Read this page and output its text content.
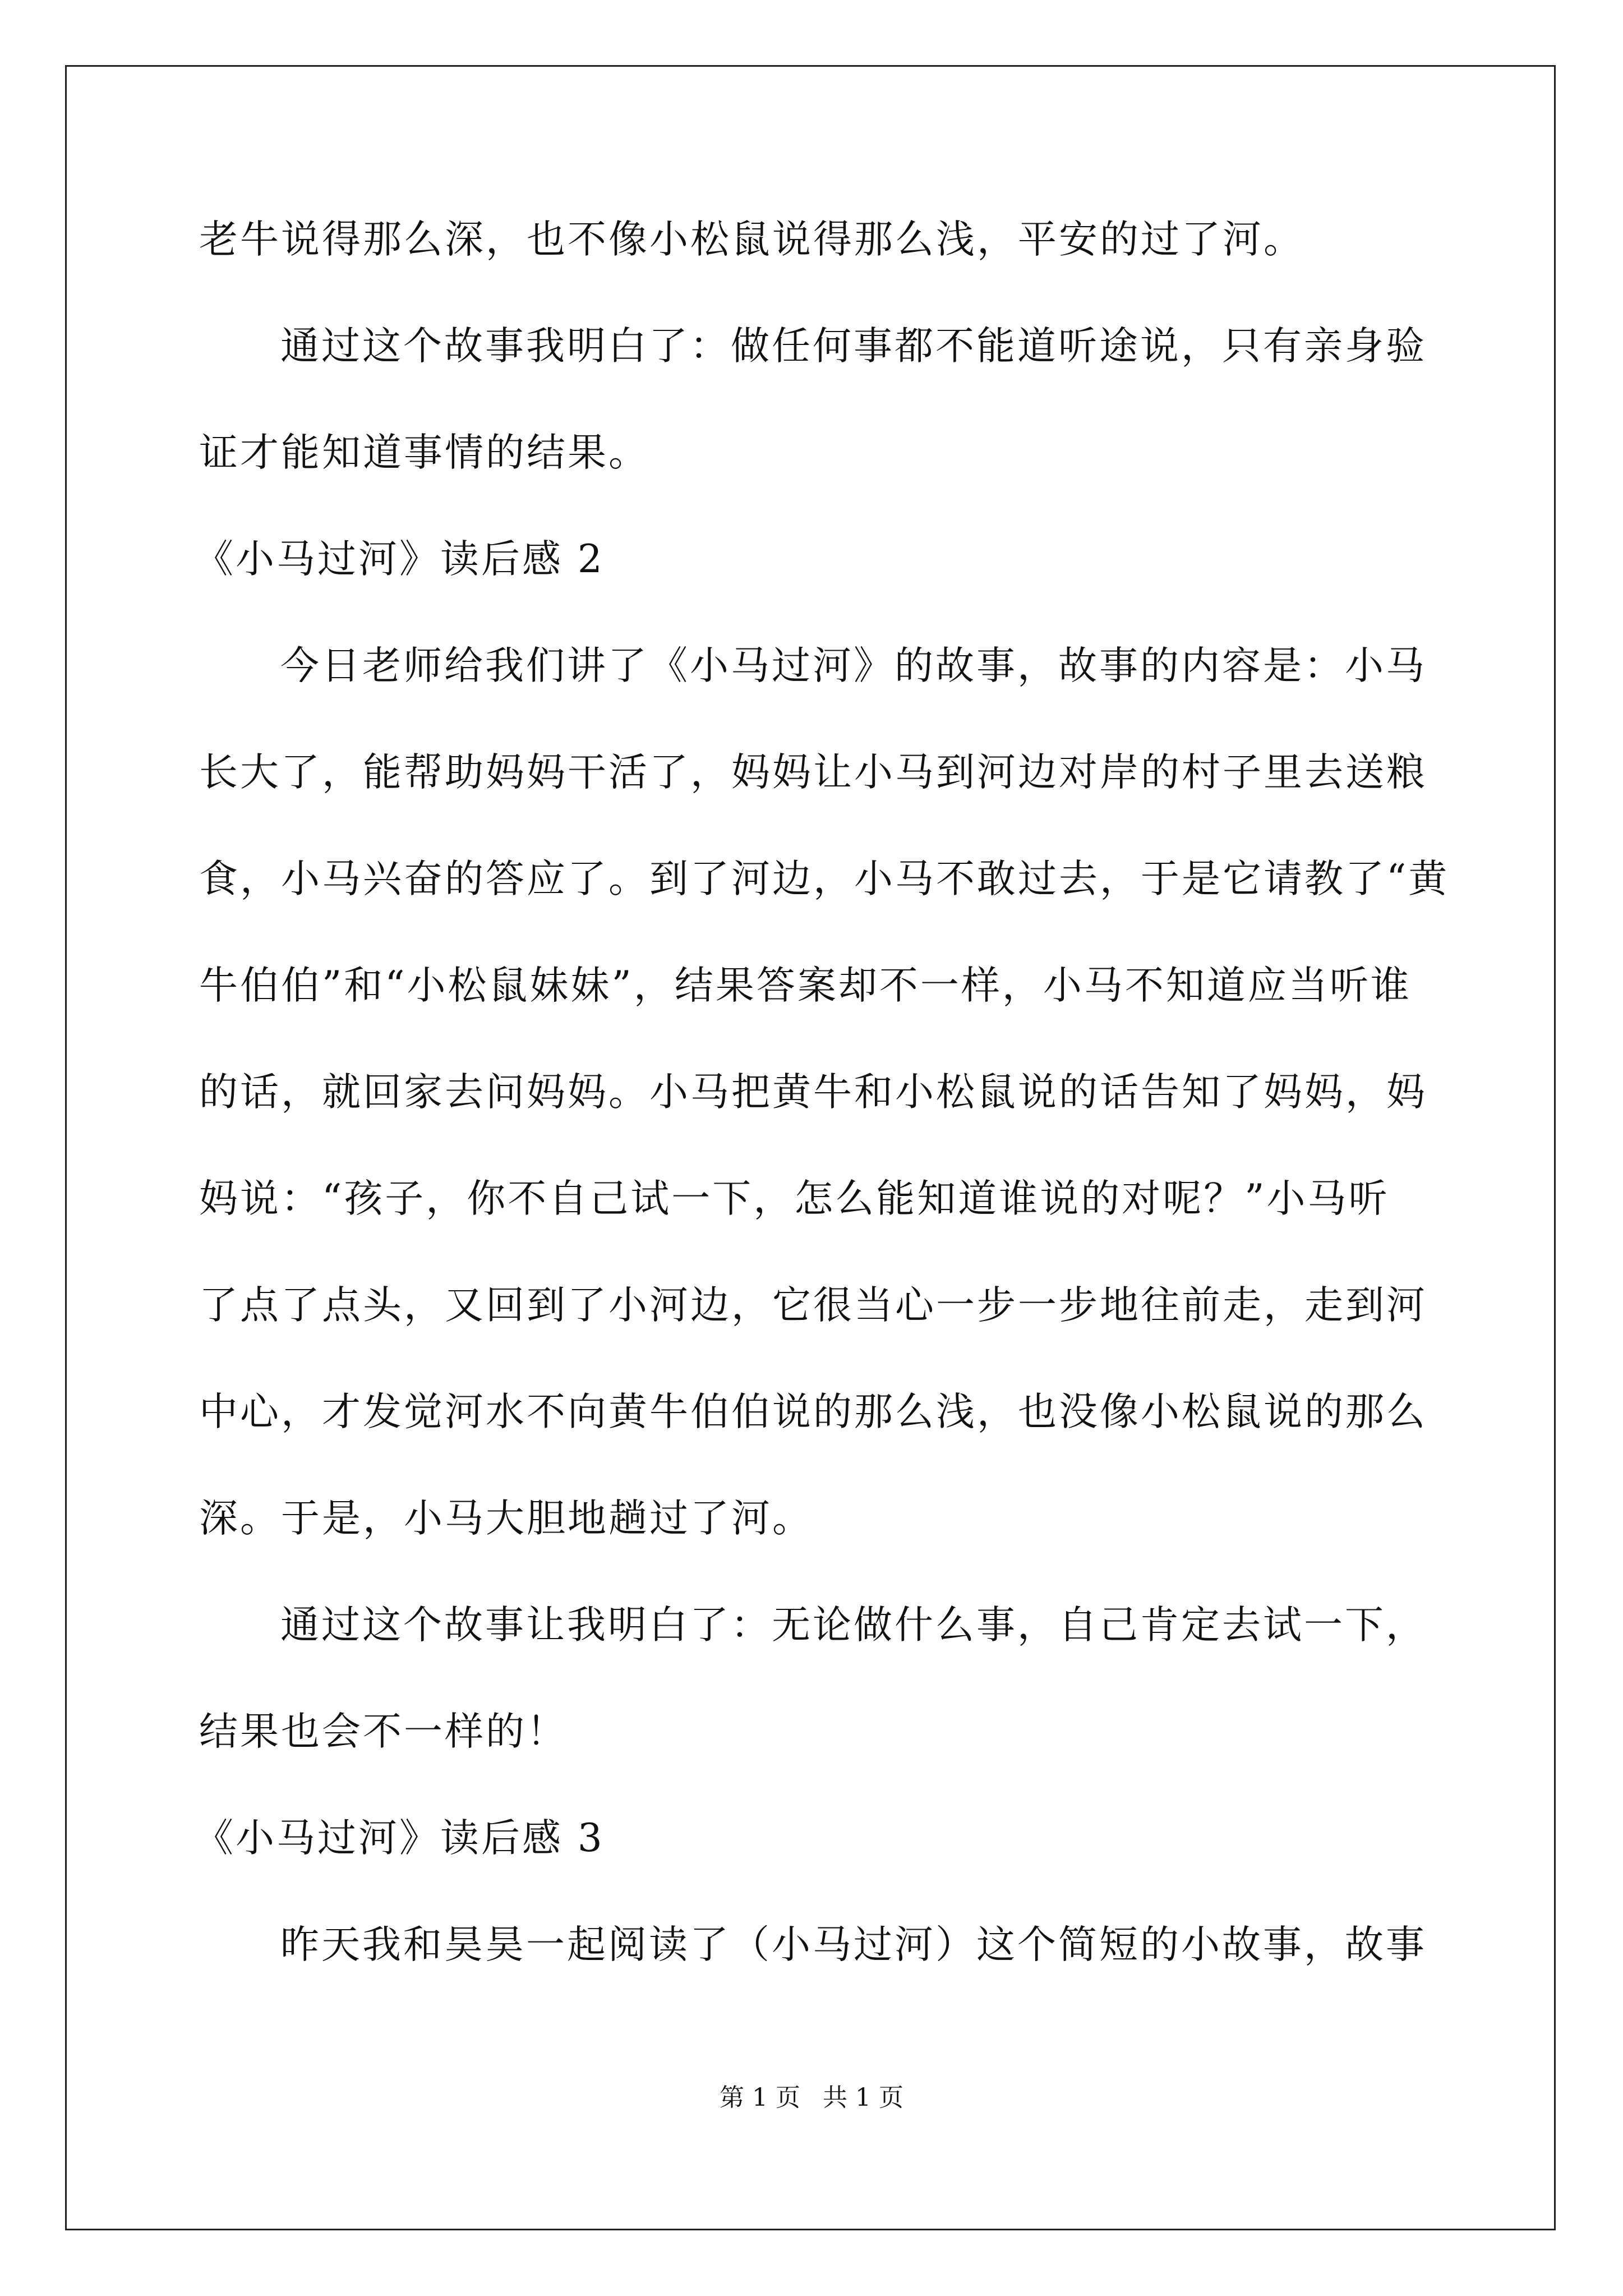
老牛说得那么深，也不像小松鼠说得那么浅，平安的过了河。

通过这个故事我明白了：做任何事都不能道听途说，只有亲身验

证才能知道事情的结果。

《小马过河》读后感 2

今日老师给我们讲了《小马过河》的故事，故事的内容是：小马

长大了，能帮助妈妈干活了，妈妈让小马到河边对岸的村子里去送粮

食，小马兴奋的答应了。到了河边，小马不敢过去，于是它请教了“黄

牛伯伯”和“小松鼠妹妹”，结果答案却不一样，小马不知道应当听谁

的话，就回家去问妈妈。小马把黄牛和小松鼠说的话告知了妈妈，妈

妈说：“孩子，你不自己试一下，怎么能知道谁说的对呢？”小马听

了点了点头，又回到了小河边，它很当心一步一步地往前走，走到河

中心，才发觉河水不向黄牛伯伯说的那么浅，也没像小松鼠说的那么

深。于是，小马大胆地趟过了河。

通过这个故事让我明白了：无论做什么事，自己肯定去试一下，

结果也会不一样的！

《小马过河》读后感 3

昨天我和昊昊一起阅读了（小马过河）这个简短的小故事，故事

第 1 页 共 1 页
